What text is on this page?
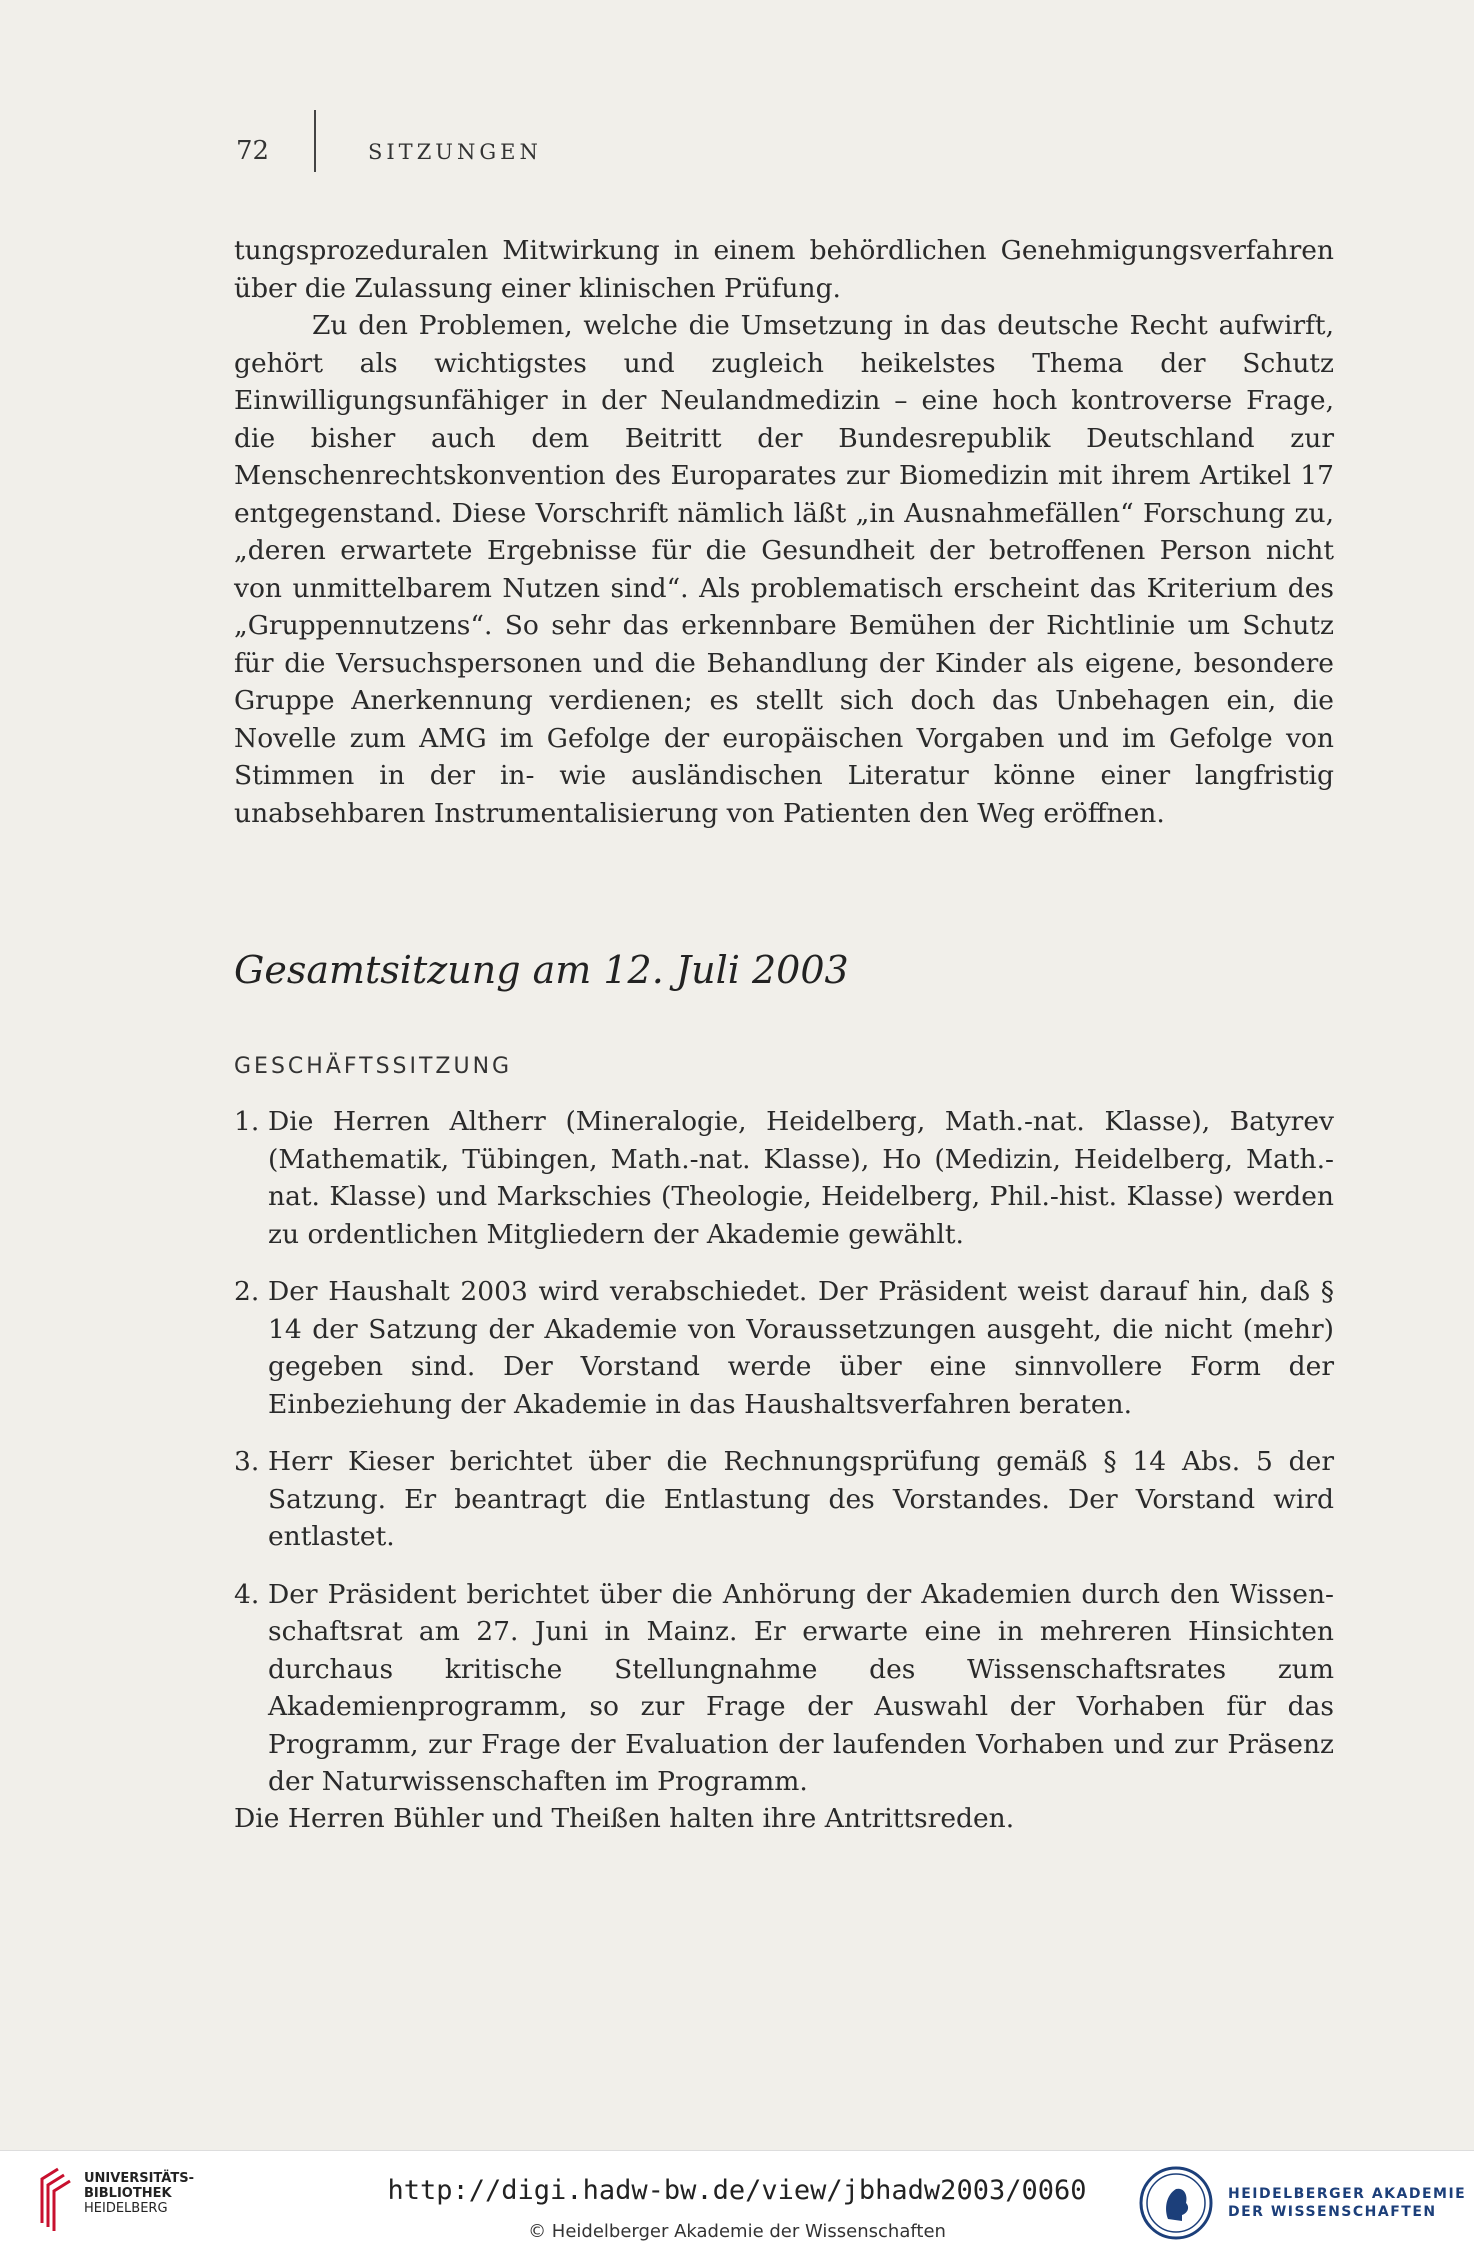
72	SITZUNGEN

tungsprozeduralen Mitwirkung in einem behördlichen Genehmigungsverfahren über die Zulassung einer klinischen Prüfung.

Zu den Problemen, welche die Umsetzung in das deutsche Recht aufwirft, gehört als wichtigstes und zugleich heikelstes Thema der Schutz Einwilligungsunfähiger in der Neulandmedizin – eine hoch kontroverse Frage, die bisher auch dem Beitritt der Bundesrepublik Deutschland zur Menschenrechtskonvention des Europarates zur Biomedizin mit ihrem Artikel 17 entgegenstand. Diese Vorschrift nämlich läßt „in Ausnahmefällen“ Forschung zu, „deren erwartete Ergebnisse für die Gesundheit der betroffenen Person nicht von unmittelbarem Nutzen sind“. Als problematisch erscheint das Kriterium des „Gruppennutzens“. So sehr das erkennbare Bemühen der Richtlinie um Schutz für die Versuchspersonen und die Behandlung der Kinder als eigene, besondere Gruppe Anerkennung verdienen; es stellt sich doch das Unbehagen ein, die Novelle zum AMG im Gefolge der europäischen Vorgaben und im Gefolge von Stimmen in der in- wie ausländischen Literatur könne einer langfristig unabsehbaren Instrumentalisierung von Patienten den Weg eröffnen.

Gesamtsitzung am 12. Juli 2003
GESCHÄFTSSITZUNG
1. Die Herren Altherr (Mineralogie, Heidelberg, Math.-nat. Klasse), Batyrev (Mathematik, Tübingen, Math.-nat. Klasse), Ho (Medizin, Heidelberg, Math.-nat. Klasse) und Markschies (Theologie, Heidelberg, Phil.-hist. Klasse) werden zu ordentlichen Mitgliedern der Akademie gewählt.
2. Der Haushalt 2003 wird verabschiedet. Der Präsident weist darauf hin, daß § 14 der Satzung der Akademie von Voraussetzungen ausgeht, die nicht (mehr) gegeben sind. Der Vorstand werde über eine sinnvollere Form der Einbeziehung der Akademie in das Haushaltsverfahren beraten.
3. Herr Kieser berichtet über die Rechnungsprüfung gemäß § 14 Abs. 5 der Satzung. Er beantragt die Entlastung des Vorstandes. Der Vorstand wird entlastet.
4. Der Präsident berichtet über die Anhörung der Akademien durch den Wissenschaftsrat am 27. Juni in Mainz. Er erwarte eine in mehreren Hinsichten durchaus kritische Stellungnahme des Wissenschaftsrates zum Akademienprogramm, so zur Frage der Auswahl der Vorhaben für das Programm, zur Frage der Evaluation der laufenden Vorhaben und zur Präsenz der Naturwissenschaften im Programm.
Die Herren Bühler und Theißen halten ihre Antrittsreden.
UNIVERSITÄTS-
BIBLIOTHEK
HEIDELBERG
http://digi.hadw-bw.de/view/jbhadw2003/0060
© Heidelberger Akademie der Wissenschaften
HEIDELBERGER AKADEMIE
DER WISSENSCHAFTEN
